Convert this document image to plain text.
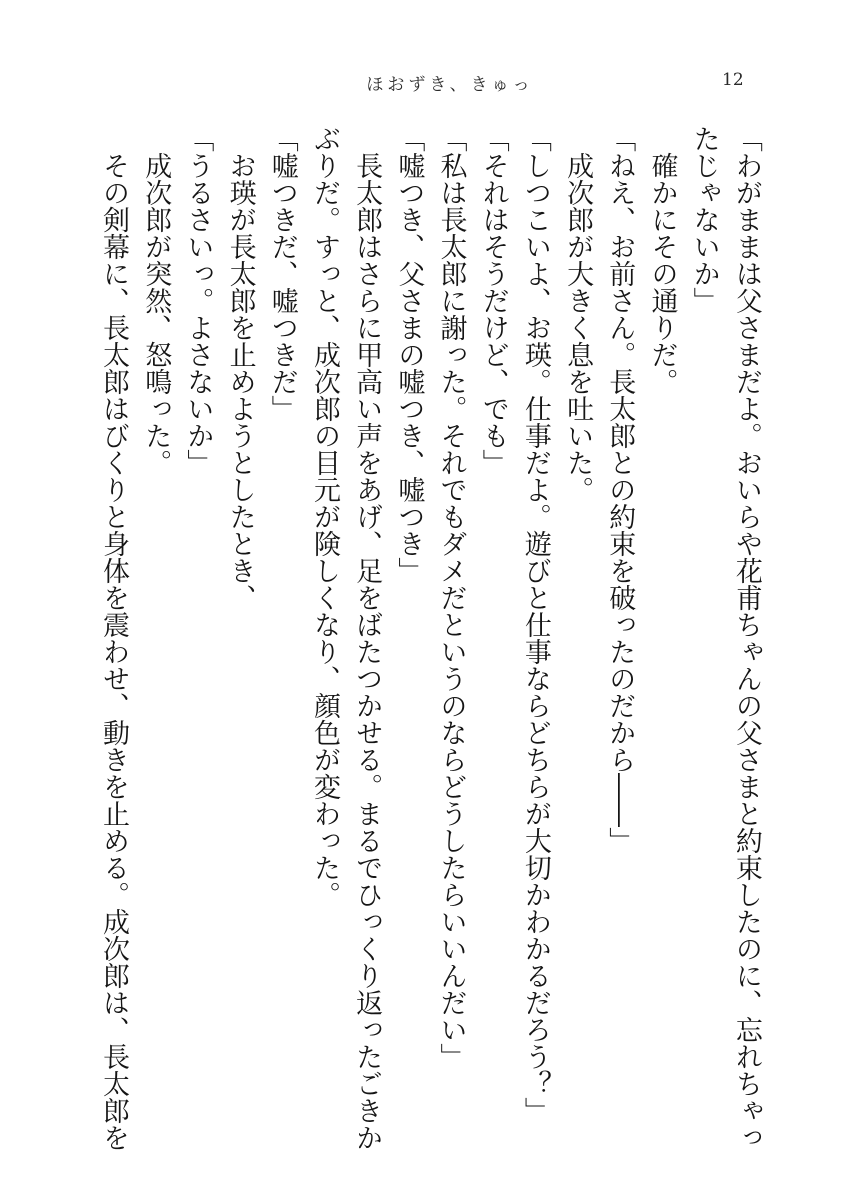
ほおずき、きゅっ	12
「わがままは父さまだよ。おいらや花甫ちゃんの父さまと約束したのに、忘れちゃっ
たじゃないか」
　確かにその通りだ。
「ねえ、お前さん。長太郎との約束を破ったのだから――」
　成次郎が大きく息を吐いた。
「しつこいよ、お瑛。仕事だよ。遊びと仕事ならどちらが大切かわかるだろう？」
「それはそうだけど、でも」
「私は長太郎に謝った。それでもダメだというのならどうしたらいいんだい」
「嘘つき、父さまの嘘つき、嘘つき」
　長太郎はさらに甲高い声をあげ、足をばたつかせる。まるでひっくり返ったごきか
ぶりだ。すっと、成次郎の目元が険しくなり、顔色が変わった。
「嘘つきだ、嘘つきだ」
　お瑛が長太郎を止めようとしたとき、
「うるさいっ。よさないか」
　成次郎が突然、怒鳴った。
　その剣幕に、長太郎はびくりと身体を震わせ、動きを止める。成次郎は、長太郎を
